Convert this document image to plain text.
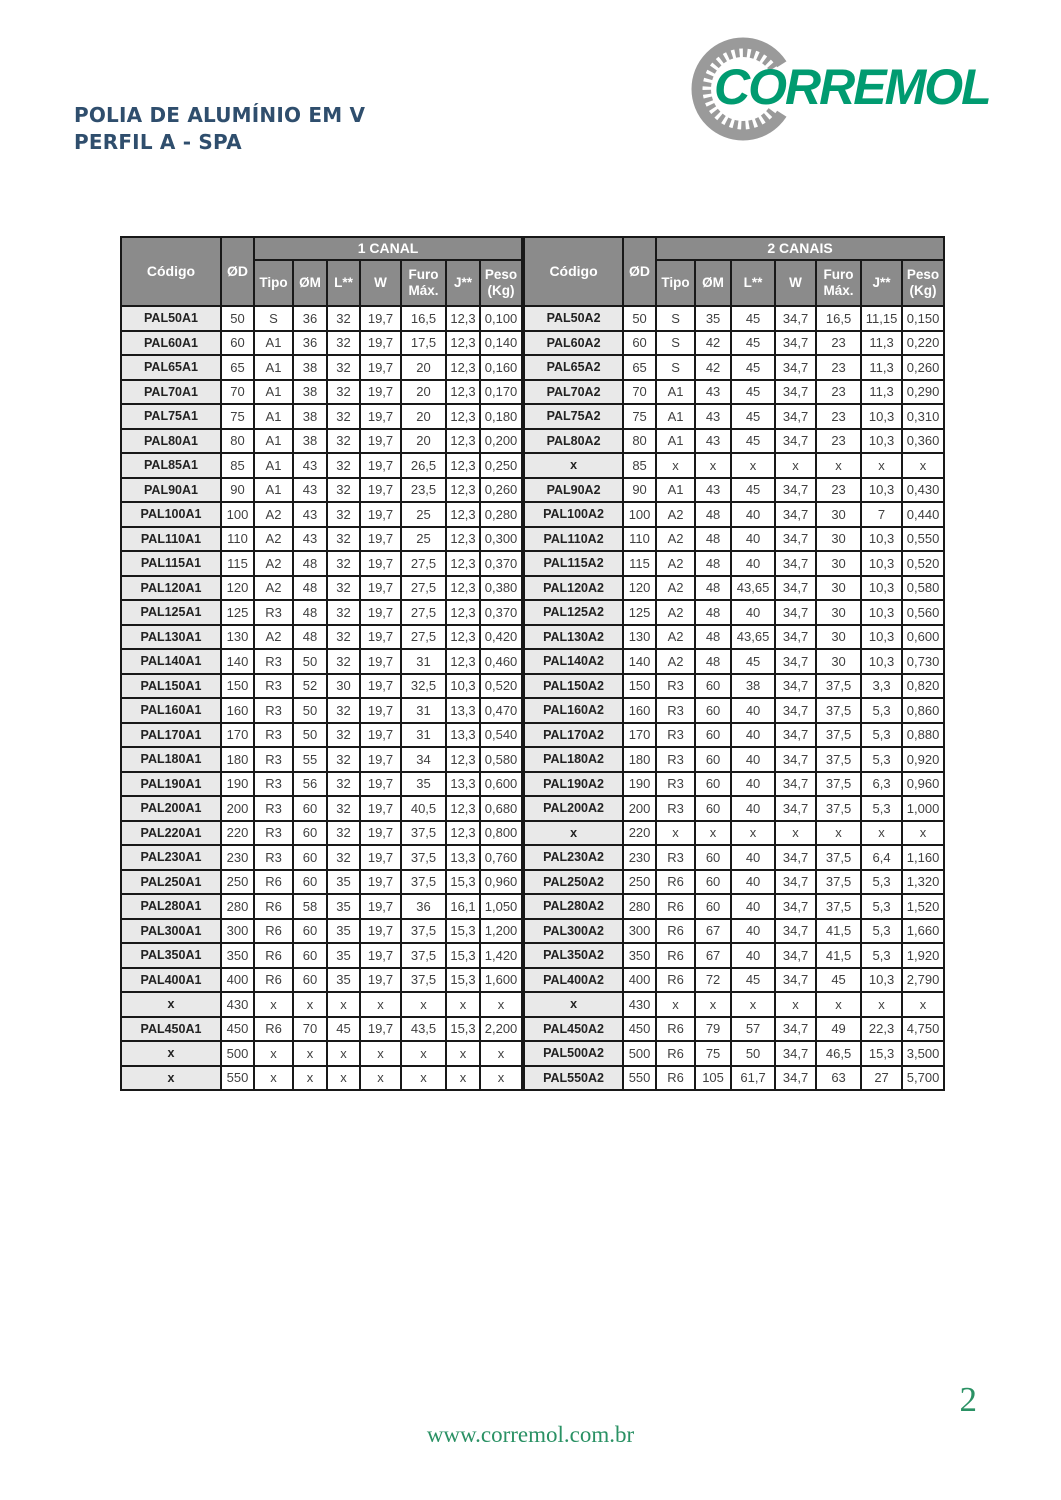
CORREMOL
POLIA DE ALUMÍNIO EM V
PERFIL A - SPA
Código	ØD	1 CANAL							Código	ØD	2 CANAIS						
		Tipo	ØM	L**	W	Furo Máx.	J**	Peso (Kg)			Tipo	ØM	L**	W	Furo Máx.	J**	Peso (Kg)
PAL50A1	50	S	36	32	19,7	16,5	12,3	0,100	PAL50A2	50	S	35	45	34,7	16,5	11,15	0,150
PAL60A1	60	A1	36	32	19,7	17,5	12,3	0,140	PAL60A2	60	S	42	45	34,7	23	11,3	0,220
PAL65A1	65	A1	38	32	19,7	20	12,3	0,160	PAL65A2	65	S	42	45	34,7	23	11,3	0,260
PAL70A1	70	A1	38	32	19,7	20	12,3	0,170	PAL70A2	70	A1	43	45	34,7	23	11,3	0,290
PAL75A1	75	A1	38	32	19,7	20	12,3	0,180	PAL75A2	75	A1	43	45	34,7	23	10,3	0,310
PAL80A1	80	A1	38	32	19,7	20	12,3	0,200	PAL80A2	80	A1	43	45	34,7	23	10,3	0,360
PAL85A1	85	A1	43	32	19,7	26,5	12,3	0,250	x	85	x	x	x	x	x	x	x
PAL90A1	90	A1	43	32	19,7	23,5	12,3	0,260	PAL90A2	90	A1	43	45	34,7	23	10,3	0,430
PAL100A1	100	A2	43	32	19,7	25	12,3	0,280	PAL100A2	100	A2	48	40	34,7	30	7	0,440
PAL110A1	110	A2	43	32	19,7	25	12,3	0,300	PAL110A2	110	A2	48	40	34,7	30	10,3	0,550
PAL115A1	115	A2	48	32	19,7	27,5	12,3	0,370	PAL115A2	115	A2	48	40	34,7	30	10,3	0,520
PAL120A1	120	A2	48	32	19,7	27,5	12,3	0,380	PAL120A2	120	A2	48	43,65	34,7	30	10,3	0,580
PAL125A1	125	R3	48	32	19,7	27,5	12,3	0,370	PAL125A2	125	A2	48	40	34,7	30	10,3	0,560
PAL130A1	130	A2	48	32	19,7	27,5	12,3	0,420	PAL130A2	130	A2	48	43,65	34,7	30	10,3	0,600
PAL140A1	140	R3	50	32	19,7	31	12,3	0,460	PAL140A2	140	A2	48	45	34,7	30	10,3	0,730
PAL150A1	150	R3	52	30	19,7	32,5	10,3	0,520	PAL150A2	150	R3	60	38	34,7	37,5	3,3	0,820
PAL160A1	160	R3	50	32	19,7	31	13,3	0,470	PAL160A2	160	R3	60	40	34,7	37,5	5,3	0,860
PAL170A1	170	R3	50	32	19,7	31	13,3	0,540	PAL170A2	170	R3	60	40	34,7	37,5	5,3	0,880
PAL180A1	180	R3	55	32	19,7	34	12,3	0,580	PAL180A2	180	R3	60	40	34,7	37,5	5,3	0,920
PAL190A1	190	R3	56	32	19,7	35	13,3	0,600	PAL190A2	190	R3	60	40	34,7	37,5	6,3	0,960
PAL200A1	200	R3	60	32	19,7	40,5	12,3	0,680	PAL200A2	200	R3	60	40	34,7	37,5	5,3	1,000
PAL220A1	220	R3	60	32	19,7	37,5	12,3	0,800	x	220	x	x	x	x	x	x	x
PAL230A1	230	R3	60	32	19,7	37,5	13,3	0,760	PAL230A2	230	R3	60	40	34,7	37,5	6,4	1,160
PAL250A1	250	R6	60	35	19,7	37,5	15,3	0,960	PAL250A2	250	R6	60	40	34,7	37,5	5,3	1,320
PAL280A1	280	R6	58	35	19,7	36	16,1	1,050	PAL280A2	280	R6	60	40	34,7	37,5	5,3	1,520
PAL300A1	300	R6	60	35	19,7	37,5	15,3	1,200	PAL300A2	300	R6	67	40	34,7	41,5	5,3	1,660
PAL350A1	350	R6	60	35	19,7	37,5	15,3	1,420	PAL350A2	350	R6	67	40	34,7	41,5	5,3	1,920
PAL400A1	400	R6	60	35	19,7	37,5	15,3	1,600	PAL400A2	400	R6	72	45	34,7	45	10,3	2,790
x	430	x	x	x	x	x	x	x	x	430	x	x	x	x	x	x	x
PAL450A1	450	R6	70	45	19,7	43,5	15,3	2,200	PAL450A2	450	R6	79	57	34,7	49	22,3	4,750
x	500	x	x	x	x	x	x	x	PAL500A2	500	R6	75	50	34,7	46,5	15,3	3,500
x	550	x	x	x	x	x	x	x	PAL550A2	550	R6	105	61,7	34,7	63	27	5,700
www.corremol.com.br
2
